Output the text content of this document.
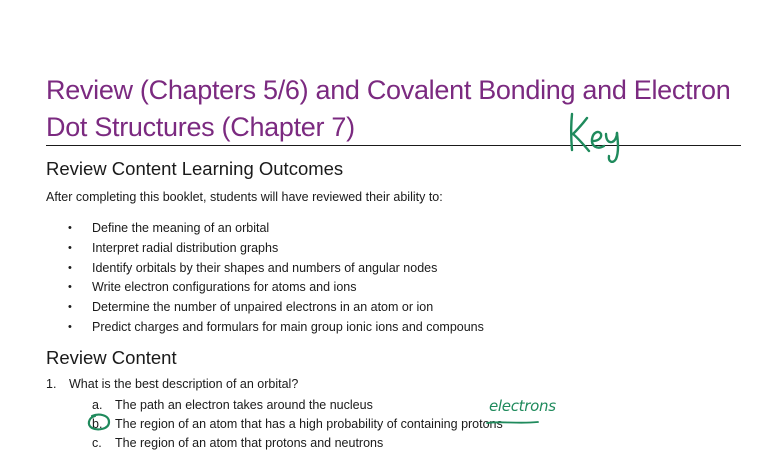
Review (Chapters 5/6) and Covalent Bonding and Electron
Dot Structures (Chapter 7)
Review Content Learning Outcomes

After completing this booklet, students will have reviewed their ability to:

• Define the meaning of an orbital
• Interpret radial distribution graphs
• Identify orbitals by their shapes and numbers of angular nodes
• Write electron configurations for atoms and ions
• Determine the number of unpaired electrons in an atom or ion
• Predict charges and formulars for main group ionic ions and compouns
Review Content
1. What is the best description of an orbital?
a. The path an electron takes around the nucleus
b. The region of an atom that has a high probability of containing protons
c. The region of an atom that protons and neutrons
electrons
